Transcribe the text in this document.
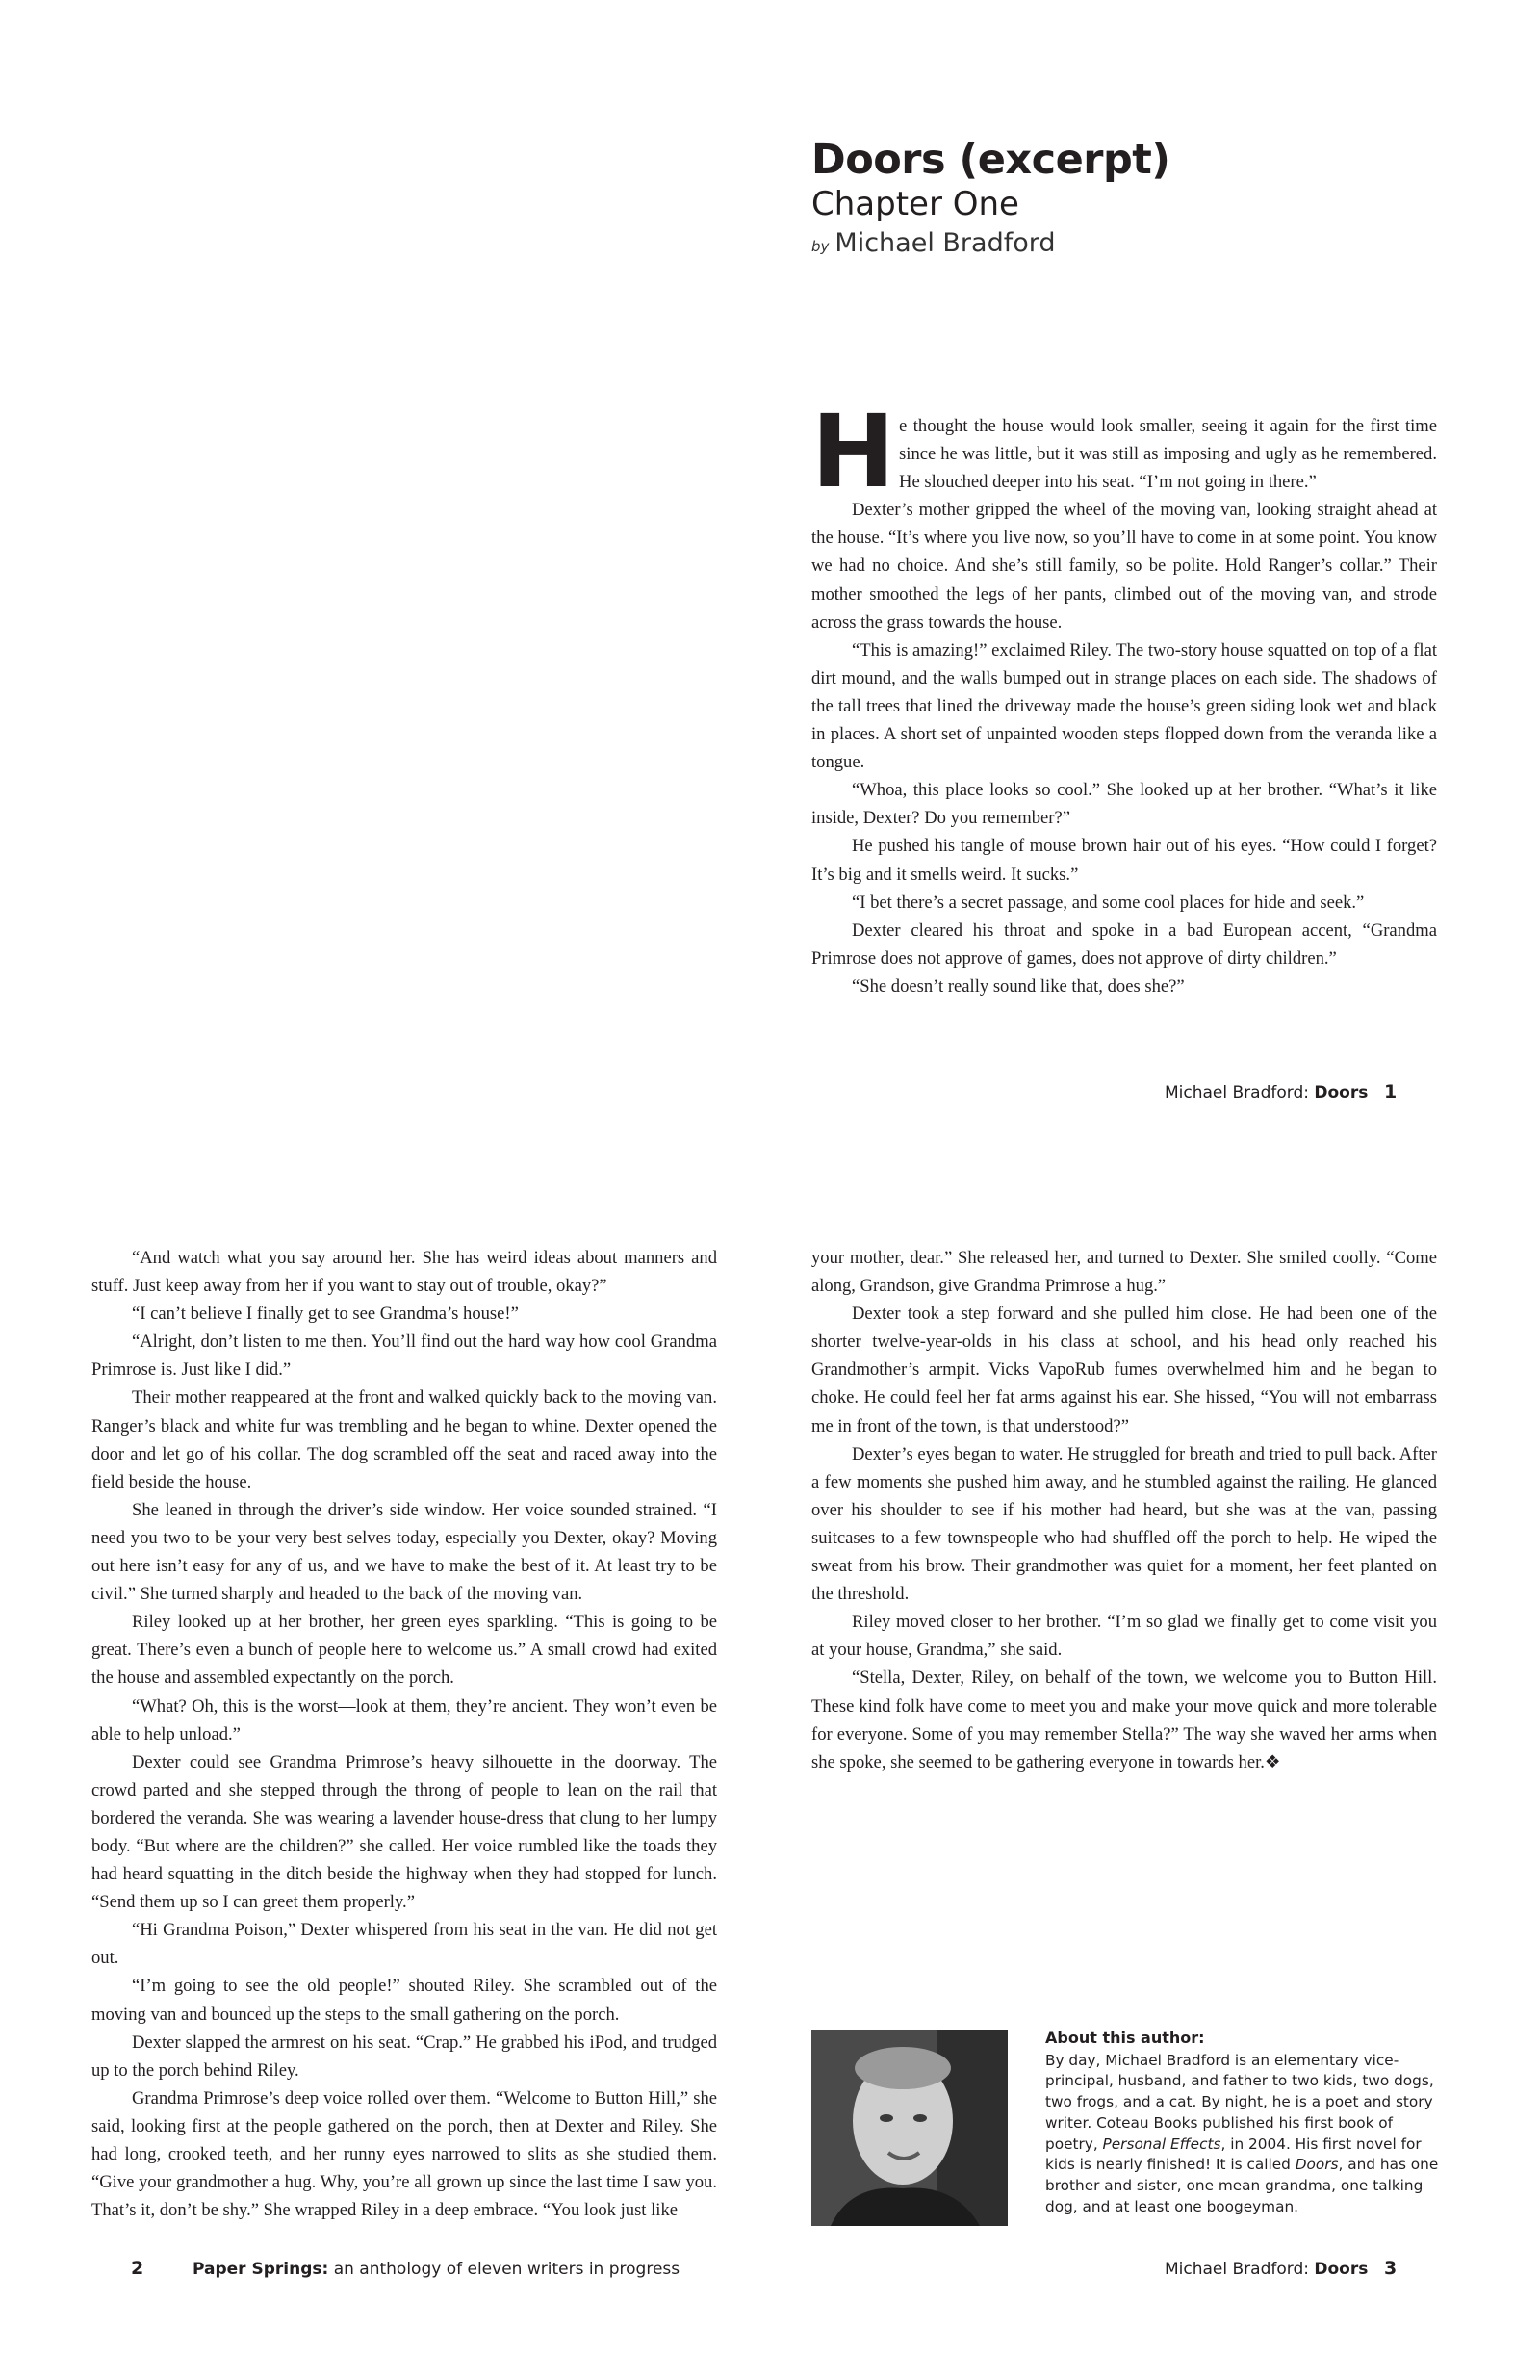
Doors (excerpt)
Chapter One
by Michael Bradford

He thought the house would look smaller, seeing it again for the first time since he was little, but it was still as imposing and ugly as he remembered. He slouched deeper into his seat. “I’m not going in there.”

Dexter’s mother gripped the wheel of the moving van, looking straight ahead at the house. “It’s where you live now, so you’ll have to come in at some point. You know we had no choice. And she’s still family, so be polite. Hold Ranger’s collar.” Their mother smoothed the legs of her pants, climbed out of the moving van, and strode across the grass towards the house.

“This is amazing!” exclaimed Riley. The two-story house squatted on top of a flat dirt mound, and the walls bumped out in strange places on each side. The shadows of the tall trees that lined the driveway made the house’s green siding look wet and black in places. A short set of unpainted wooden steps flopped down from the veranda like a tongue.

“Whoa, this place looks so cool.” She looked up at her brother. “What’s it like inside, Dexter? Do you remember?”

He pushed his tangle of mouse brown hair out of his eyes. “How could I forget? It’s big and it smells weird. It sucks.”

“I bet there’s a secret passage, and some cool places for hide and seek.”

Dexter cleared his throat and spoke in a bad European accent, “Grandma Primrose does not approve of games, does not approve of dirty children.”

“She doesn’t really sound like that, does she?”

Michael Bradford: Doors 1

“And watch what you say around her. She has weird ideas about manners and stuff. Just keep away from her if you want to stay out of trouble, okay?”

“I can’t believe I finally get to see Grandma’s house!”

“Alright, don’t listen to me then. You’ll find out the hard way how cool Grandma Primrose is. Just like I did.”

Their mother reappeared at the front and walked quickly back to the moving van. Ranger’s black and white fur was trembling and he began to whine. Dexter opened the door and let go of his collar. The dog scrambled off the seat and raced away into the field beside the house.

She leaned in through the driver’s side window. Her voice sounded strained. “I need you two to be your very best selves today, especially you Dexter, okay? Moving out here isn’t easy for any of us, and we have to make the best of it. At least try to be civil.” She turned sharply and headed to the back of the moving van.

Riley looked up at her brother, her green eyes sparkling. “This is going to be great. There’s even a bunch of people here to welcome us.” A small crowd had exited the house and assembled expectantly on the porch.

“What? Oh, this is the worst—look at them, they’re ancient. They won’t even be able to help unload.”

Dexter could see Grandma Primrose’s heavy silhouette in the doorway. The crowd parted and she stepped through the throng of people to lean on the rail that bordered the veranda. She was wearing a lavender house-dress that clung to her lumpy body. “But where are the children?” she called. Her voice rumbled like the toads they had heard squatting in the ditch beside the highway when they had stopped for lunch. “Send them up so I can greet them properly.”

“Hi Grandma Poison,” Dexter whispered from his seat in the van. He did not get out.

“I’m going to see the old people!” shouted Riley. She scrambled out of the moving van and bounced up the steps to the small gathering on the porch.

Dexter slapped the armrest on his seat. “Crap.” He grabbed his iPod, and trudged up to the porch behind Riley.

Grandma Primrose’s deep voice rolled over them. “Welcome to Button Hill,” she said, looking first at the people gathered on the porch, then at Dexter and Riley. She had long, crooked teeth, and her runny eyes narrowed to slits as she studied them. “Give your grandmother a hug. Why, you’re all grown up since the last time I saw you. That’s it, don’t be shy.” She wrapped Riley in a deep embrace. “You look just like

2	Paper Springs: an anthology of eleven writers in progress

your mother, dear.” She released her, and turned to Dexter. She smiled coolly. “Come along, Grandson, give Grandma Primrose a hug.”

Dexter took a step forward and she pulled him close. He had been one of the shorter twelve-year-olds in his class at school, and his head only reached his Grandmother’s armpit. Vicks VapoRub fumes overwhelmed him and he began to choke. He could feel her fat arms against his ear. She hissed, “You will not embarrass me in front of the town, is that understood?”

Dexter’s eyes began to water. He struggled for breath and tried to pull back. After a few moments she pushed him away, and he stumbled against the railing. He glanced over his shoulder to see if his mother had heard, but she was at the van, passing suitcases to a few townspeople who had shuffled off the porch to help. He wiped the sweat from his brow. Their grandmother was quiet for a moment, her feet planted on the threshold.

Riley moved closer to her brother. “I’m so glad we finally get to come visit you at your house, Grandma,” she said.

“Stella, Dexter, Riley, on behalf of the town, we welcome you to Button Hill. These kind folk have come to meet you and make your move quick and more tolerable for everyone. Some of you may remember Stella?” The way she waved her arms when she spoke, she seemed to be gathering everyone in towards her.❖

About this author:

By day, Michael Bradford is an elementary vice-principal, husband, and father to two kids, two dogs, two frogs, and a cat. By night, he is a poet and story writer. Coteau Books published his first book of poetry, Personal Effects, in 2004. His first novel for kids is nearly finished! It is called Doors, and has one brother and sister, one mean grandma, one talking dog, and at least one boogeyman.

Michael Bradford: Doors 3
